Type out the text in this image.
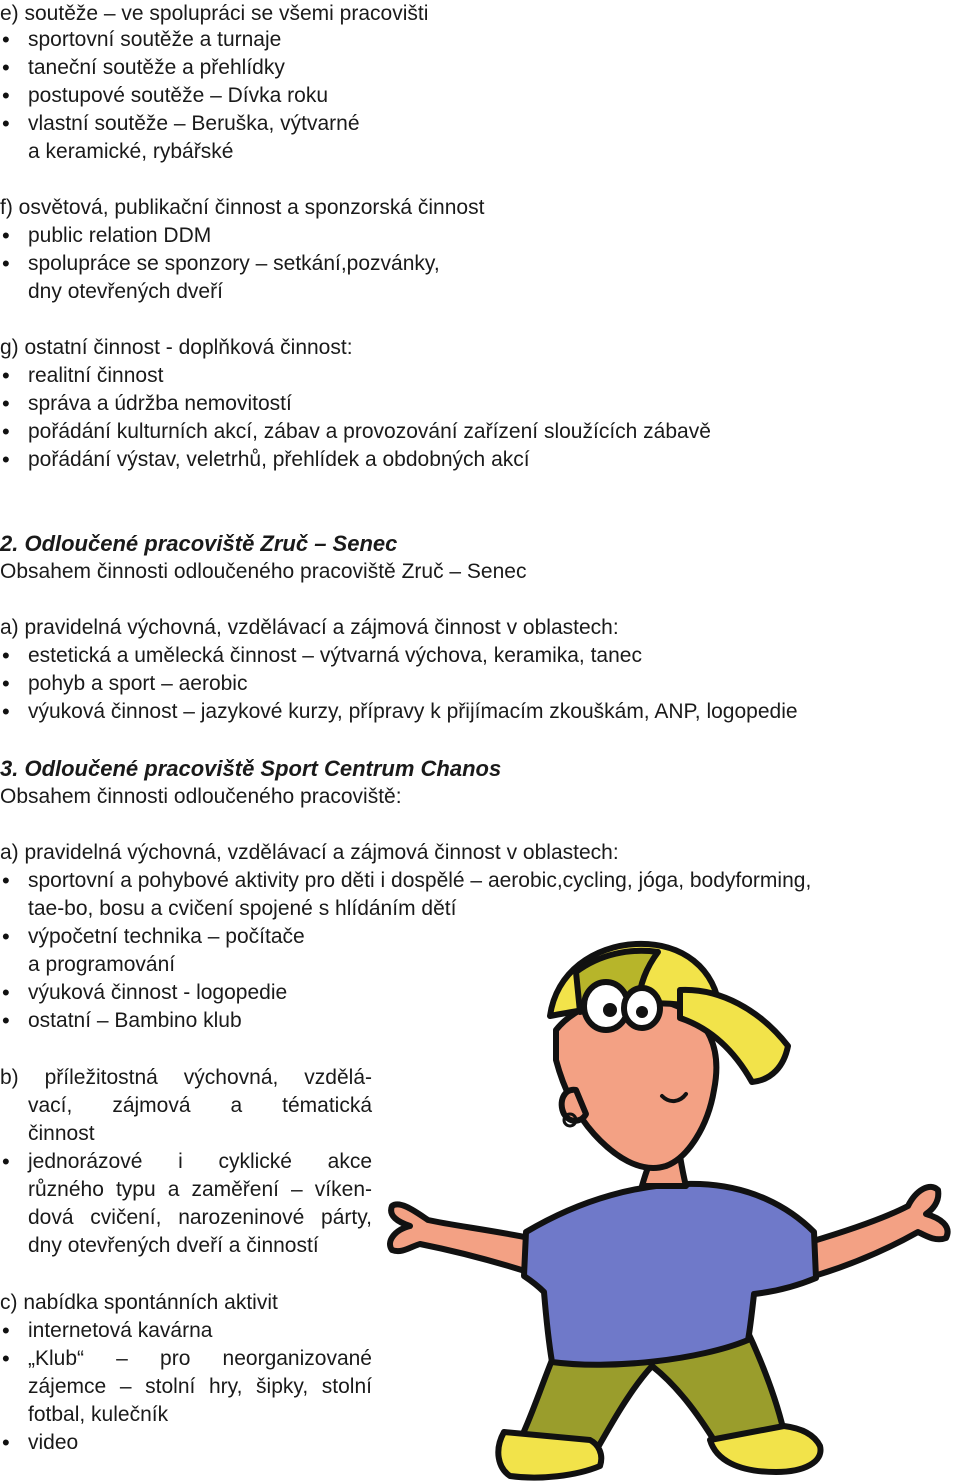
e) soutěže – ve spolupráci se všemi pracovišti
• sportovní soutěže a turnaje
• taneční soutěže a přehlídky
• postupové soutěže – Dívka roku
• vlastní soutěže – Beruška, výtvarné
a keramické, rybářské
f) osvětová, publikační činnost a sponzorská činnost
• public relation DDM
• spolupráce se sponzory – setkání,pozvánky,
dny otevřených dveří
g) ostatní činnost - doplňková činnost:
• realitní činnost
• správa a údržba nemovitostí
• pořádání kulturních akcí, zábav a provozování zařízení sloužících zábavě
• pořádání výstav, veletrhů, přehlídek a obdobných akcí
2. Odloučené pracoviště Zruč – Senec
Obsahem činnosti odloučeného pracoviště Zruč – Senec
a) pravidelná výchovná, vzdělávací a zájmová činnost v oblastech:
• estetická a umělecká činnost – výtvarná výchova, keramika, tanec
• pohyb a sport – aerobic
• výuková činnost – jazykové kurzy, přípravy k přijímacím zkouškám, ANP, logopedie
3. Odloučené pracoviště Sport Centrum Chanos
Obsahem činnosti odloučeného pracoviště:
a) pravidelná výchovná, vzdělávací a zájmová činnost v oblastech:
• sportovní a pohybové aktivity pro děti i dospělé – aerobic,cycling, jóga, bodyforming,
tae-bo, bosu a cvičení spojené s hlídáním dětí
• výpočetní technika – počítače
a programování
• výuková činnost - logopedie
• ostatní – Bambino klub
b) příležitostná výchovná, vzdělá-
vací, zájmová a tématická
činnost
• jednorázové i cyklické akce
různého typu a zaměření – víken-
dová cvičení, narozeninové párty,
dny otevřených dveří a činností
c) nabídka spontánních aktivit
• internetová kavárna
• „Klub“ – pro neorganizované
zájemce – stolní hry, šipky, stolní
fotbal, kulečník
• video
